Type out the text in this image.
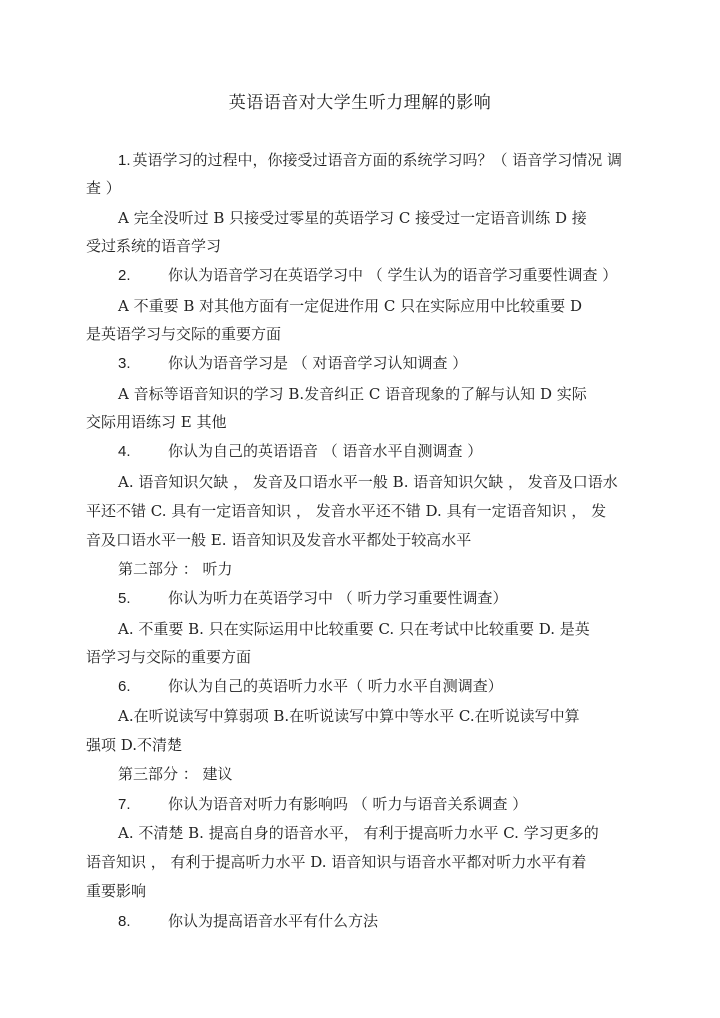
英语语音对大学生听力理解的影响
1. 英语学习的过程中，你接受过语音方面的系统学习吗？（ 语音学习情况 调
查 ）
A 完全没听过 B 只接受过零星的英语学习 C 接受过一定语音训练 D 接
受过系统的语音学习
2. 你认为语音学习在英语学习中 （ 学生认为的语音学习重要性调查 ）
A 不重要 B 对其他方面有一定促进作用 C 只在实际应用中比较重要 D
是英语学习与交际的重要方面
3. 你认为语音学习是 （ 对语音学习认知调查 ）
A 音标等语音知识的学习 B.发音纠正 C 语音现象的了解与认知 D 实际
交际用语练习 E 其他
4. 你认为自己的英语语音 （ 语音水平自测调查 ）
A. 语音知识欠缺 ， 发音及口语水平一般 B. 语音知识欠缺 ， 发音及口语水
平还不错 C. 具有一定语音知识 ， 发音水平还不错 D. 具有一定语音知识 ， 发
音及口语水平一般 E. 语音知识及发音水平都处于较高水平
第二部分 ： 听力
5. 你认为听力在英语学习中 （ 听力学习重要性调查）
A. 不重要 B. 只在实际运用中比较重要 C. 只在考试中比较重要 D. 是英
语学习与交际的重要方面
6. 你认为自己的英语听力水平（ 听力水平自测调查）
A.在听说读写中算弱项 B.在听说读写中算中等水平 C.在听说读写中算
强项 D.不清楚
第三部分 ： 建议
7. 你认为语音对听力有影响吗 （ 听力与语音关系调查 ）
A. 不清楚 B. 提高自身的语音水平， 有利于提高听力水平 C. 学习更多的
语音知识 ， 有利于提高听力水平 D. 语音知识与语音水平都对听力水平有着
重要影响
8. 你认为提高语音水平有什么方法
